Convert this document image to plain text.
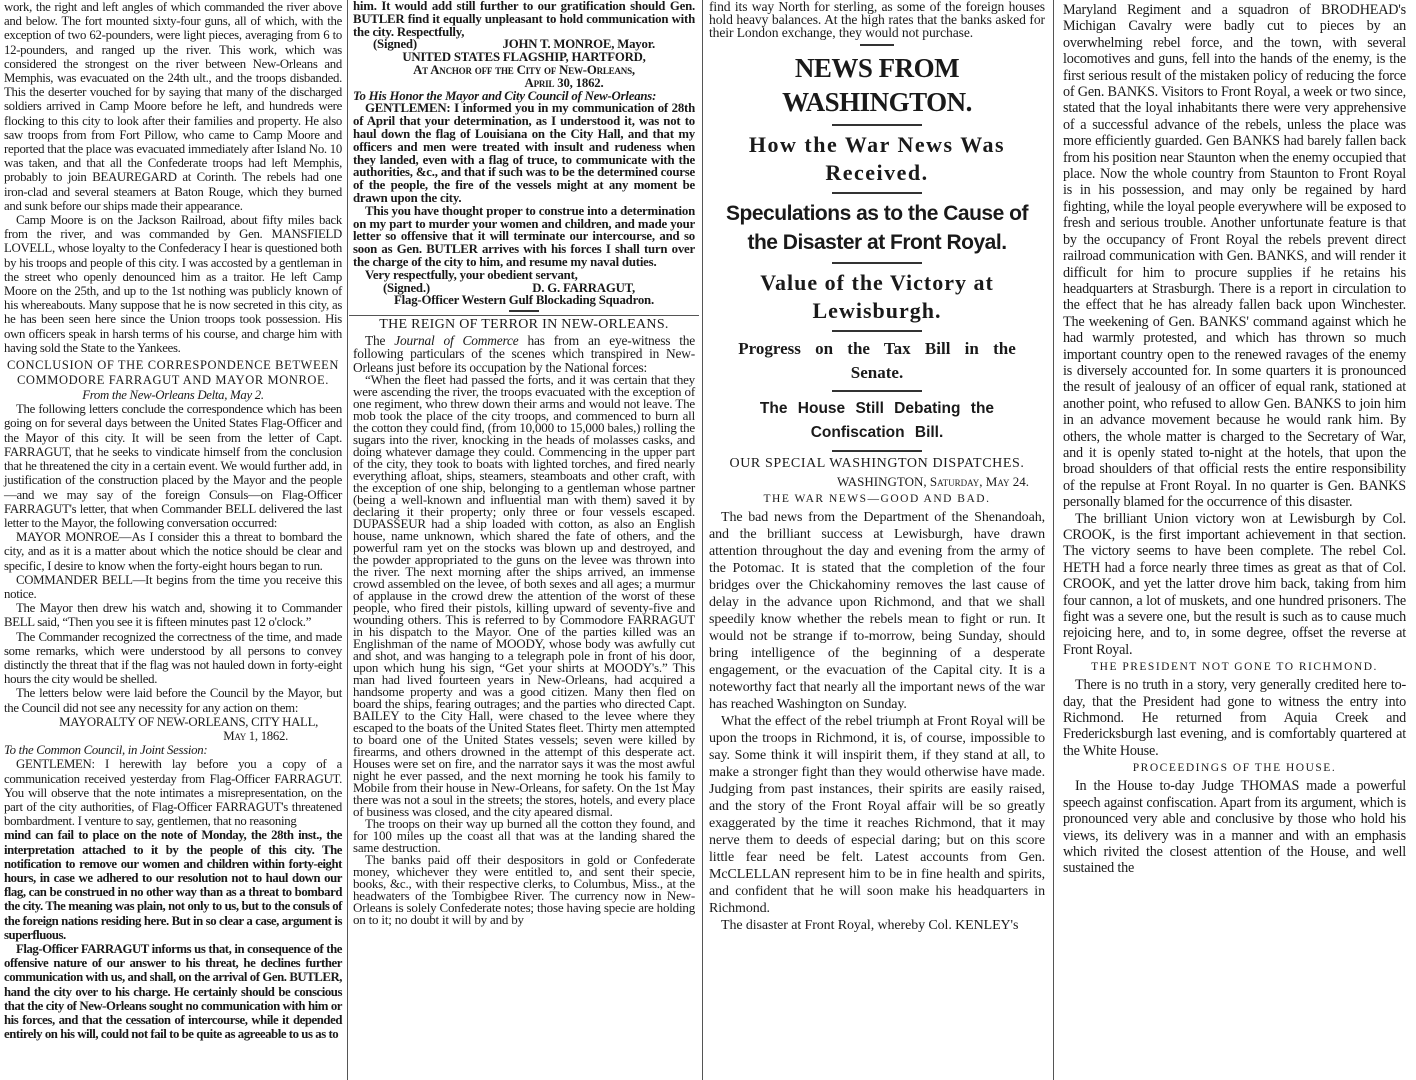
work, the right and left angles of which commanded the river above and below. The fort mounted sixty-four guns, all of which, with the exception of two 62-pounders, were light pieces, averaging from 6 to 12-pounders, and ranged up the river. This work, which was considered the strongest on the river between New-Orleans and Memphis, was evacuated on the 24th ult., and the troops disbanded. This the deserter vouched for by saying that many of the discharged soldiers arrived in Camp Moore before he left, and hundreds were flocking to this city to look after their families and property. He also saw troops from from Fort Pillow, who came to Camp Moore and reported that the place was evacuated immediately after Island No. 10 was taken, and that all the Confederate troops had left Memphis, probably to join BEAUREGARD at Corinth. The rebels had one iron-clad and several steamers at Baton Rouge, which they burned and sunk before our ships made their appearance.

Camp Moore is on the Jackson Railroad, about fifty miles back from the river, and was commanded by Gen. MANSFIELD LOVELL, whose loyalty to the Confederacy I hear is questioned both by his troops and people of this city. I was accosted by a gentleman in the street who openly denounced him as a traitor. He left Camp Moore on the 25th, and up to the 1st nothing was publicly known of his whereabouts. Many suppose that he is now secreted in this city, as he has been seen here since the Union troops took possession. His own officers speak in harsh terms of his course, and charge him with having sold the State to the Yankees.

CONCLUSION OF THE CORRESPONDENCE BETWEEN COMMODORE FARRAGUT AND MAYOR MONROE.
From the New-Orleans Delta, May 2.

The following letters conclude the correspondence which has been going on for several days between the United States Flag-Officer and the Mayor of this city. It will be seen from the letter of Capt. FARRAGUT, that he seeks to vindicate himself from the conclusion that he threatened the city in a certain event. We would further add, in justification of the construction placed by the Mayor and the people—and we may say of the foreign Consuls—on Flag-Officer FARRAGUT's letter, that when Commander BELL delivered the last letter to the Mayor, the following conversation occurred:

MAYOR MONROE—As I consider this a threat to bombard the city, and as it is a matter about which the notice should be clear and specific, I desire to know when the forty-eight hours began to run.

COMMANDER BELL—It begins from the time you receive this notice.

The Mayor then drew his watch and, showing it to Commander BELL said, “Then you see it is fifteen minutes past 12 o'clock.”

The Commander recognized the correctness of the time, and made some remarks, which were understood by all persons to convey distinctly the threat that if the flag was not hauled down in forty-eight hours the city would be shelled.

The letters below were laid before the Council by the Mayor, but the Council did not see any necessity for any action on them:

MAYORALTY OF NEW-ORLEANS, CITY HALL,
May 1, 1862.
To the Common Council, in Joint Session:

GENTLEMEN: I herewith lay before you a copy of a communication received yesterday from Flag-Officer FARRAGUT. You will observe that the note intimates a misrepresentation, on the part of the city authorities, of Flag-Officer FARRAGUT's threatened bombardment. I venture to say, gentlemen, that no reasoning

mind can fail to place on the note of Monday, the 28th inst., the interpretation attached to it by the people of this city. The notification to remove our women and children within forty-eight hours, in case we adhered to our resolution not to haul down our flag, can be construed in no other way than as a threat to bombard the city. The meaning was plain, not only to us, but to the consuls of the foreign nations residing here. But in so clear a case, argument is superfluous.

Flag-Officer FARRAGUT informs us that, in consequence of the offensive nature of our answer to his threat, he declines further communication with us, and shall, on the arrival of Gen. BUTLER, hand the city over to his charge. He certainly should be conscious that the city of New-Orleans sought no communication with him or his forces, and that the cessation of intercourse, while it depended entirely on his will, could not fail to be quite as agreeable to us as to

him. It would add still further to our gratification should Gen. BUTLER find it equally unpleasant to hold communication with the city. Respectfully,

(Signed)	JOHN T. MONROE, Mayor.
UNITED STATES FLAGSHIP, HARTFORD,
At Anchor off the City of New-Orleans,
April 30, 1862.
To His Honor the Mayor and City Council of New-Orleans:

GENTLEMEN: I informed you in my communication of 28th of April that your determination, as I understood it, was not to haul down the flag of Louisiana on the City Hall, and that my officers and men were treated with insult and rudeness when they landed, even with a flag of truce, to communicate with the authorities, &c., and that if such was to be the determined course of the people, the fire of the vessels might at any moment be drawn upon the city.

This you have thought proper to construe into a determination on my part to murder your women and children, and made your letter so offensive that it will terminate our intercourse, and so soon as Gen. BUTLER arrives with his forces I shall turn over the charge of the city to him, and resume my naval duties.

Very respectfully, your obedient servant,

(Signed.)	D. G. FARRAGUT,
Flag-Officer Western Gulf Blockading Squadron.
THE REIGN OF TERROR IN NEW-ORLEANS.

The Journal of Commerce has from an eye-witness the following particulars of the scenes which transpired in New-Orleans just before its occupation by the National forces:

“When the fleet had passed the forts, and it was certain that they were ascending the river, the troops evacuated with the exception of one regiment, who threw down their arms and would not leave. The mob took the place of the city troops, and commenced to burn all the cotton they could find, (from 10,000 to 15,000 bales,) rolling the sugars into the river, knocking in the heads of molasses casks, and doing whatever damage they could. Commencing in the upper part of the city, they took to boats with lighted torches, and fired nearly everything afloat, ships, steamers, steamboats and other craft, with the exception of one ship, belonging to a gentleman whose partner (being a well-known and influential man with them) saved it by declaring it their property; only three or four vessels escaped. DUPASSEUR had a ship loaded with cotton, as also an English house, name unknown, which shared the fate of others, and the powerful ram yet on the stocks was blown up and destroyed, and the powder appropriated to the guns on the levee was thrown into the river. The next morning after the ships arrived, an immense crowd assembled on the levee, of both sexes and all ages; a murmur of applause in the crowd drew the attention of the worst of these people, who fired their pistols, killing upward of seventy-five and wounding others. This is referred to by Commodore FARRAGUT in his dispatch to the Mayor. One of the parties killed was an Englishman of the name of MOODY, whose body was awfully cut and shot, and was hanging to a telegraph pole in front of his door, upon which hung his sign, “Get your shirts at MOODY's.” This man had lived fourteen years in New-Orleans, had acquired a handsome property and was a good citizen. Many then fled on board the ships, fearing outrages; and the parties who directed Capt. BAILEY to the City Hall, were chased to the levee where they escaped to the boats of the United States fleet. Thirty men attempted to board one of the United States vessels; seven were killed by firearms, and others drowned in the attempt of this desperate act. Houses were set on fire, and the narrator says it was the most awful night he ever passed, and the next morning he took his family to Mobile from their house in New-Orleans, for safety. On the 1st May there was not a soul in the streets; the stores, hotels, and every place of business was closed, and the city apeared dismal.

The troops on their way up burned all the cotton they found, and for 100 miles up the coast all that was at the landing shared the same destruction.

The banks paid off their despositors in gold or Confederate money, whichever they were entitled to, and sent their specie, books, &c., with their respective clerks, to Columbus, Miss., at the headwaters of the Tombigbee River. The currency now in New-Orleans is solely Confederate notes; those having specie are holding on to it; no doubt it will by and by

find its way North for sterling, as some of the foreign houses hold heavy balances. At the high rates that the banks asked for their London exchange, they would not purchase.

NEWS FROM WASHINGTON.
How the War News Was Received.
Speculations as to the Cause of the Disaster at Front Royal.
Value of the Victory at Lewisburgh.
Progress on the Tax Bill in the Senate.
The House Still Debating the Confiscation Bill.
OUR SPECIAL WASHINGTON DISPATCHES.
WASHINGTON, Saturday, May 24.
THE WAR NEWS—GOOD AND BAD.

The bad news from the Department of the Shenandoah, and the brilliant success at Lewisburgh, have drawn attention throughout the day and evening from the army of the Potomac. It is stated that the completion of the four bridges over the Chickahominy removes the last cause of delay in the advance upon Richmond, and that we shall speedily know whether the rebels mean to fight or run. It would not be strange if to-morrow, being Sunday, should bring intelligence of the beginning of a desperate engagement, or the evacuation of the Capital city. It is a noteworthy fact that nearly all the important news of the war has reached Washington on Sunday.

What the effect of the rebel triumph at Front Royal will be upon the troops in Richmond, it is, of course, impossible to say. Some think it will inspirit them, if they stand at all, to make a stronger fight than they would otherwise have made. Judging from past instances, their spirits are easily raised, and the story of the Front Royal affair will be so greatly exaggerated by the time it reaches Richmond, that it may nerve them to deeds of especial daring; but on this score little fear need be felt. Latest accounts from Gen. McCLELLAN represent him to be in fine health and spirits, and confident that he will soon make his headquarters in Richmond.

The disaster at Front Royal, whereby Col. KENLEY's

Maryland Regiment and a squadron of BRODHEAD's Michigan Cavalry were badly cut to pieces by an overwhelming rebel force, and the town, with several locomotives and guns, fell into the hands of the enemy, is the first serious result of the mistaken policy of reducing the force of Gen. BANKS. Visitors to Front Royal, a week or two since, stated that the loyal inhabitants there were very apprehensive of a successful advance of the rebels, unless the place was more efficiently guarded. Gen BANKS had barely fallen back from his position near Staunton when the enemy occupied that place. Now the whole country from Staunton to Front Royal is in his possession, and may only be regained by hard fighting, while the loyal people everywhere will be exposed to fresh and serious trouble. Another unfortunate feature is that by the occupancy of Front Royal the rebels prevent direct railroad communication with Gen. BANKS, and will render it difficult for him to procure supplies if he retains his headquarters at Strasburgh. There is a report in circulation to the effect that he has already fallen back upon Winchester. The weekening of Gen. BANKS' command against which he had warmly protested, and which has thrown so much important country open to the renewed ravages of the enemy is diversely accounted for. In some quarters it is pronounced the result of jealousy of an officer of equal rank, stationed at another point, who refused to allow Gen. BANKS to join him in an advance movement because he would rank him. By others, the whole matter is charged to the Secretary of War, and it is openly stated to-night at the hotels, that upon the broad shoulders of that official rests the entire responsibility of the repulse at Front Royal. In no quarter is Gen. BANKS personally blamed for the occurrence of this disaster.

The brilliant Union victory won at Lewisburgh by Col. CROOK, is the first important achievement in that section. The victory seems to have been complete. The rebel Col. HETH had a force nearly three times as great as that of Col. CROOK, and yet the latter drove him back, taking from him four cannon, a lot of muskets, and one hundred prisoners. The fight was a severe one, but the result is such as to cause much rejoicing here, and to, in some degree, offset the reverse at Front Royal.

THE PRESIDENT NOT GONE TO RICHMOND.

There is no truth in a story, very generally credited here to-day, that the President had gone to witness the entry into Richmond. He returned from Aquia Creek and Fredericksburgh last evening, and is comfortably quartered at the White House.

PROCEEDINGS OF THE HOUSE.

In the House to-day Judge THOMAS made a powerful speech against confiscation. Apart from its argument, which is pronounced very able and conclusive by those who hold his views, its delivery was in a manner and with an emphasis which rivited the closest attention of the House, and well sustained the
